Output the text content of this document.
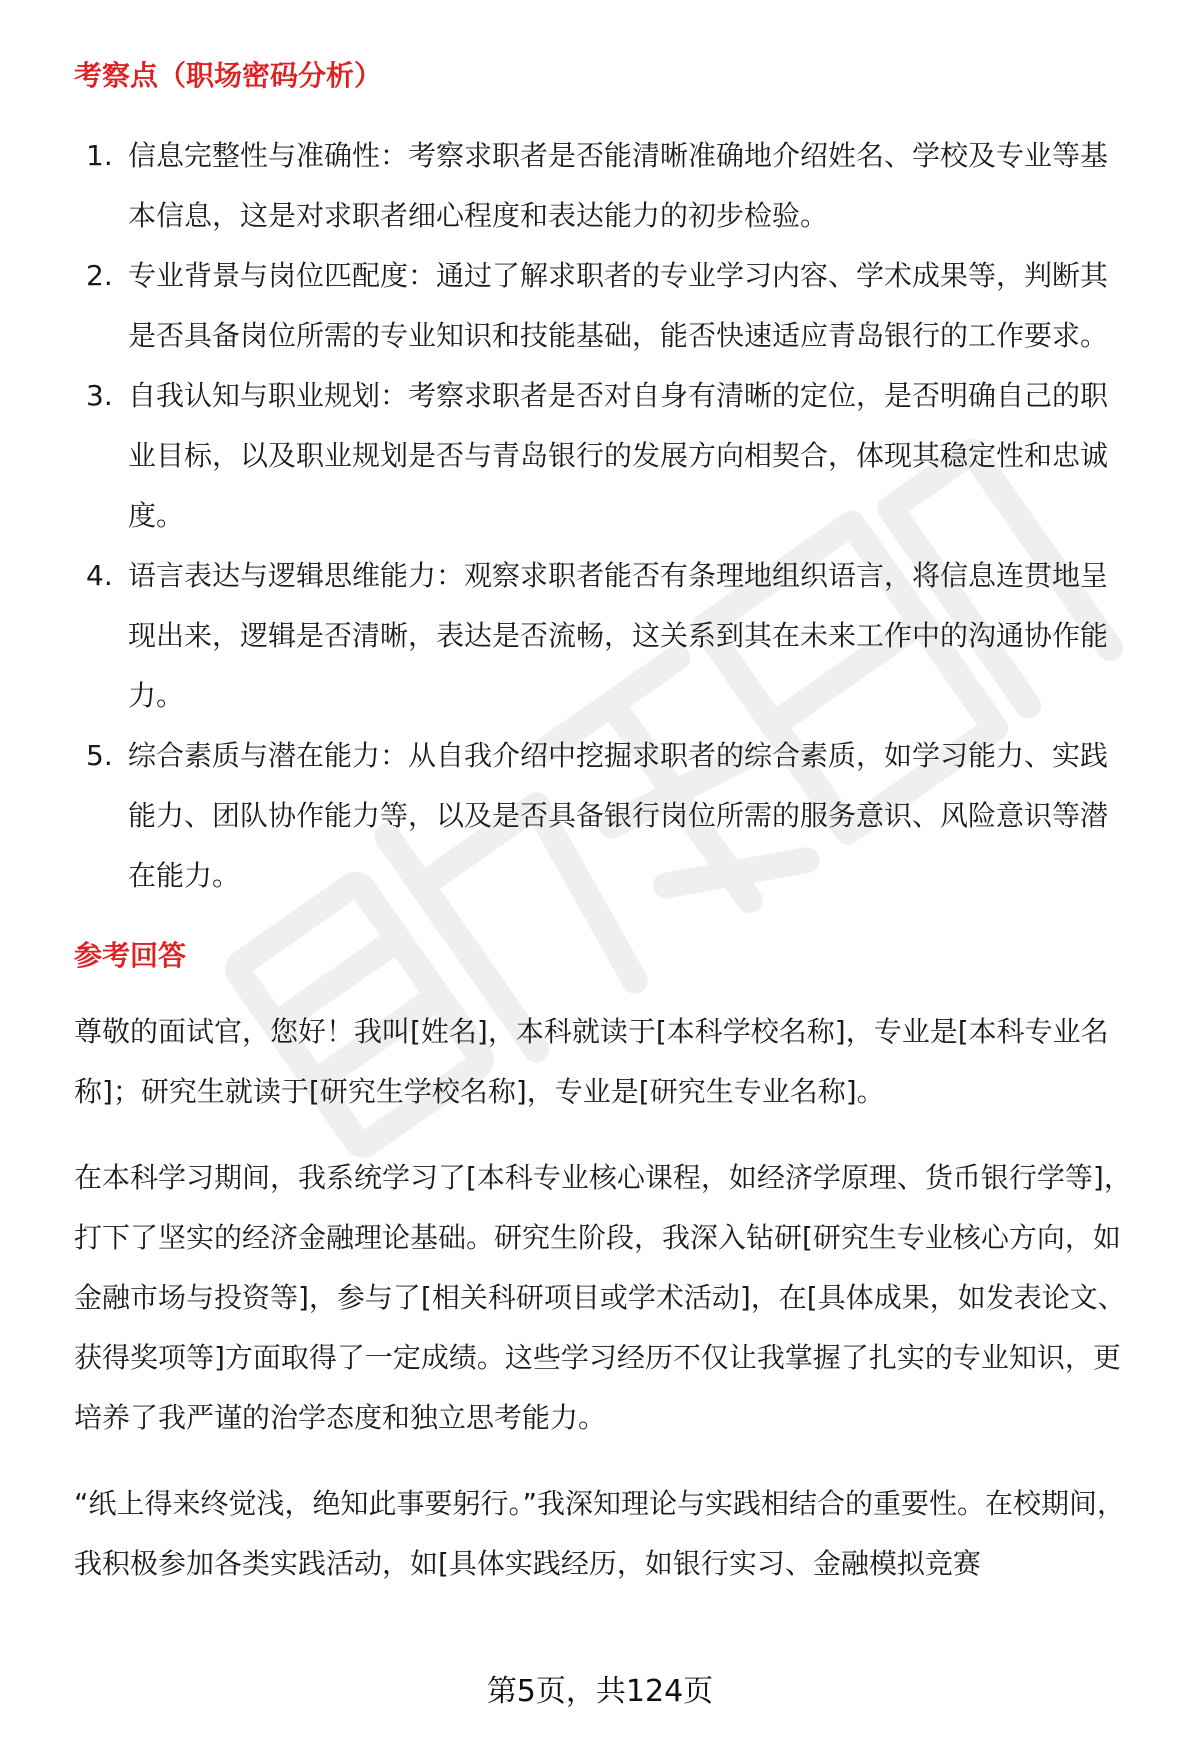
考察点（职场密码分析）
1. 信息完整性与准确性：考察求职者是否能清晰准确地介绍姓名、学校及专业等基本信息，这是对求职者细心程度和表达能力的初步检验。
2. 专业背景与岗位匹配度：通过了解求职者的专业学习内容、学术成果等，判断其是否具备岗位所需的专业知识和技能基础，能否快速适应青岛银行的工作要求。
3. 自我认知与职业规划：考察求职者是否对自身有清晰的定位，是否明确自己的职业目标，以及职业规划是否与青岛银行的发展方向相契合，体现其稳定性和忠诚度。
4. 语言表达与逻辑思维能力：观察求职者能否有条理地组织语言，将信息连贯地呈现出来，逻辑是否清晰，表达是否流畅，这关系到其在未来工作中的沟通协作能力。
5. 综合素质与潜在能力：从自我介绍中挖掘求职者的综合素质，如学习能力、实践能力、团队协作能力等，以及是否具备银行岗位所需的服务意识、风险意识等潜在能力。
参考回答

尊敬的面试官，您好！我叫[姓名]，本科就读于[本科学校名称]，专业是[本科专业名称]；研究生就读于[研究生学校名称]，专业是[研究生专业名称]。

在本科学习期间，我系统学习了[本科专业核心课程，如经济学原理、货币银行学等]，打下了坚实的经济金融理论基础。研究生阶段，我深入钻研[研究生专业核心方向，如金融市场与投资等]，参与了[相关科研项目或学术活动]，在[具体成果，如发表论文、获得奖项等]方面取得了一定成绩。这些学习经历不仅让我掌握了扎实的专业知识，更培养了我严谨的治学态度和独立思考能力。

“纸上得来终觉浅，绝知此事要躬行。”我深知理论与实践相结合的重要性。在校期间，我积极参加各类实践活动，如[具体实践经历，如银行实习、金融模拟竞赛

第5页，共124页
